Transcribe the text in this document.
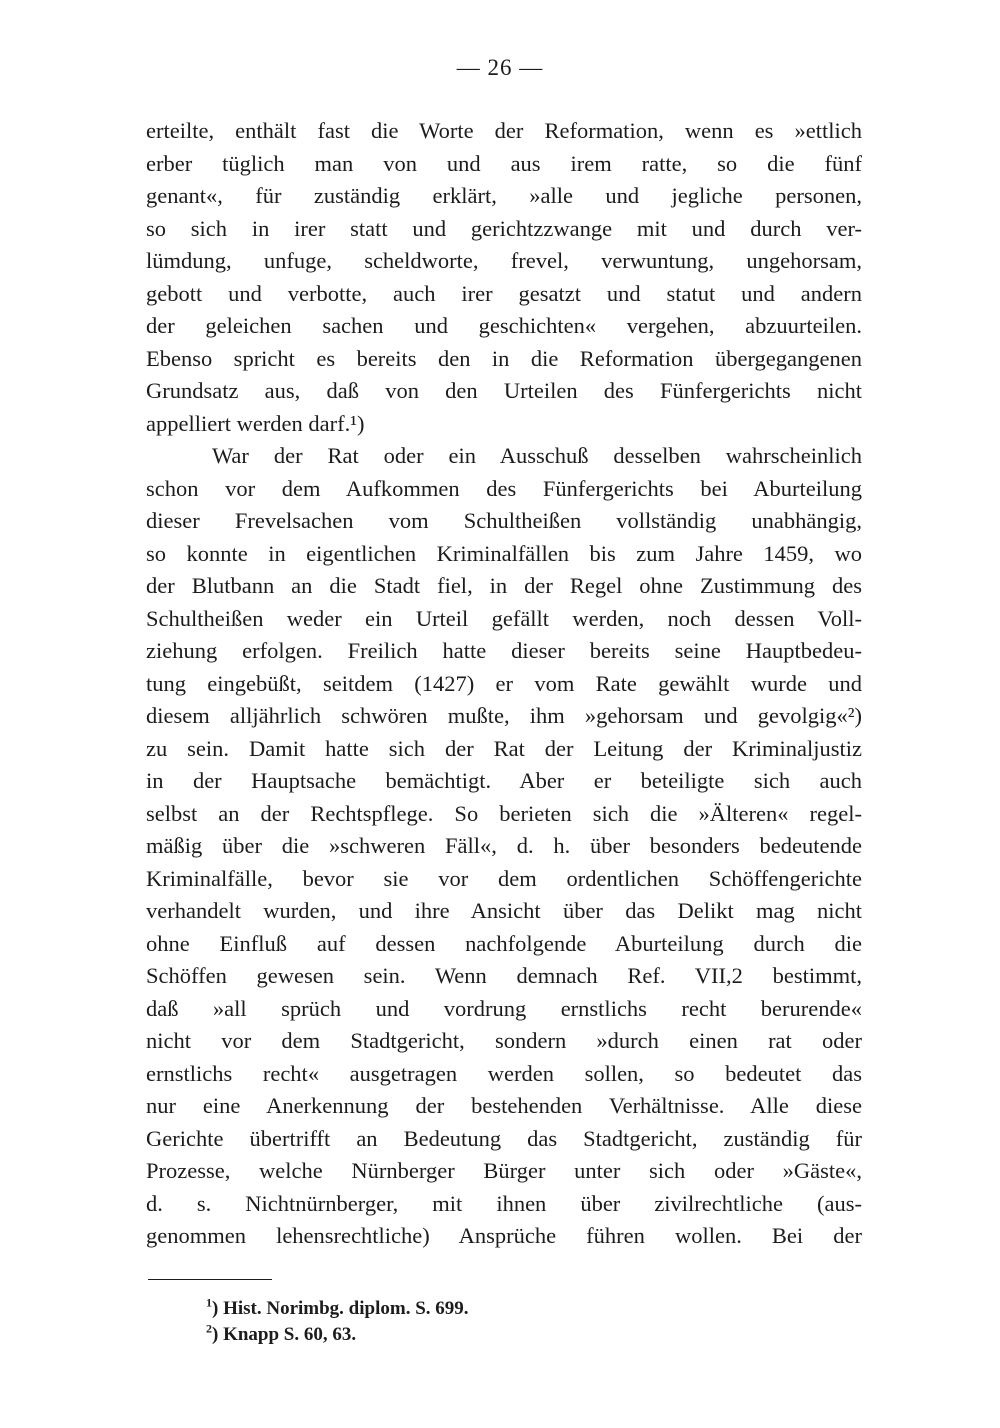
— 26 —
erteilte, enthält fast die Worte der Reformation, wenn es »ettlich
erber tüglich man von und aus irem ratte, so die fünf
genant«, für zuständig erklärt, »alle und jegliche personen,
so sich in irer statt und gerichtzzwange mit und durch ver-
lümdung, unfuge, scheldworte, frevel, verwuntung, ungehorsam,
gebott und verbotte, auch irer gesatzt und statut und andern
der geleichen sachen und geschichten« vergehen, abzuurteilen.
Ebenso spricht es bereits den in die Reformation übergegangenen
Grundsatz aus, daß von den Urteilen des Fünfergerichts nicht
appelliert werden darf.¹)
War der Rat oder ein Ausschuß desselben wahrscheinlich
schon vor dem Aufkommen des Fünfergerichts bei Aburteilung
dieser Frevelsachen vom Schultheißen vollständig unabhängig,
so konnte in eigentlichen Kriminalfällen bis zum Jahre 1459, wo
der Blutbann an die Stadt fiel, in der Regel ohne Zustimmung des
Schultheißen weder ein Urteil gefällt werden, noch dessen Voll-
ziehung erfolgen. Freilich hatte dieser bereits seine Hauptbedeu-
tung eingebüßt, seitdem (1427) er vom Rate gewählt wurde und
diesem alljährlich schwören mußte, ihm »gehorsam und gevolgig«²)
zu sein. Damit hatte sich der Rat der Leitung der Kriminaljustiz
in der Hauptsache bemächtigt. Aber er beteiligte sich auch
selbst an der Rechtspflege. So berieten sich die »Älteren« regel-
mäßig über die »schweren Fäll«, d. h. über besonders bedeutende
Kriminalfälle, bevor sie vor dem ordentlichen Schöffengerichte
verhandelt wurden, und ihre Ansicht über das Delikt mag nicht
ohne Einfluß auf dessen nachfolgende Aburteilung durch die
Schöffen gewesen sein. Wenn demnach Ref. VII,2 bestimmt,
daß »all sprüch und vordrung ernstlichs recht berurende«
nicht vor dem Stadtgericht, sondern »durch einen rat oder
ernstlichs recht« ausgetragen werden sollen, so bedeutet das
nur eine Anerkennung der bestehenden Verhältnisse. Alle diese
Gerichte übertrifft an Bedeutung das Stadtgericht, zuständig für
Prozesse, welche Nürnberger Bürger unter sich oder »Gäste«,
d. s. Nichtnürnberger, mit ihnen über zivilrechtliche (aus-
genommen lehensrechtliche) Ansprüche führen wollen. Bei der
$^1$) Hist. Norimbg. diplom. S. 699.
$^2$) Knapp S. 60, 63.
